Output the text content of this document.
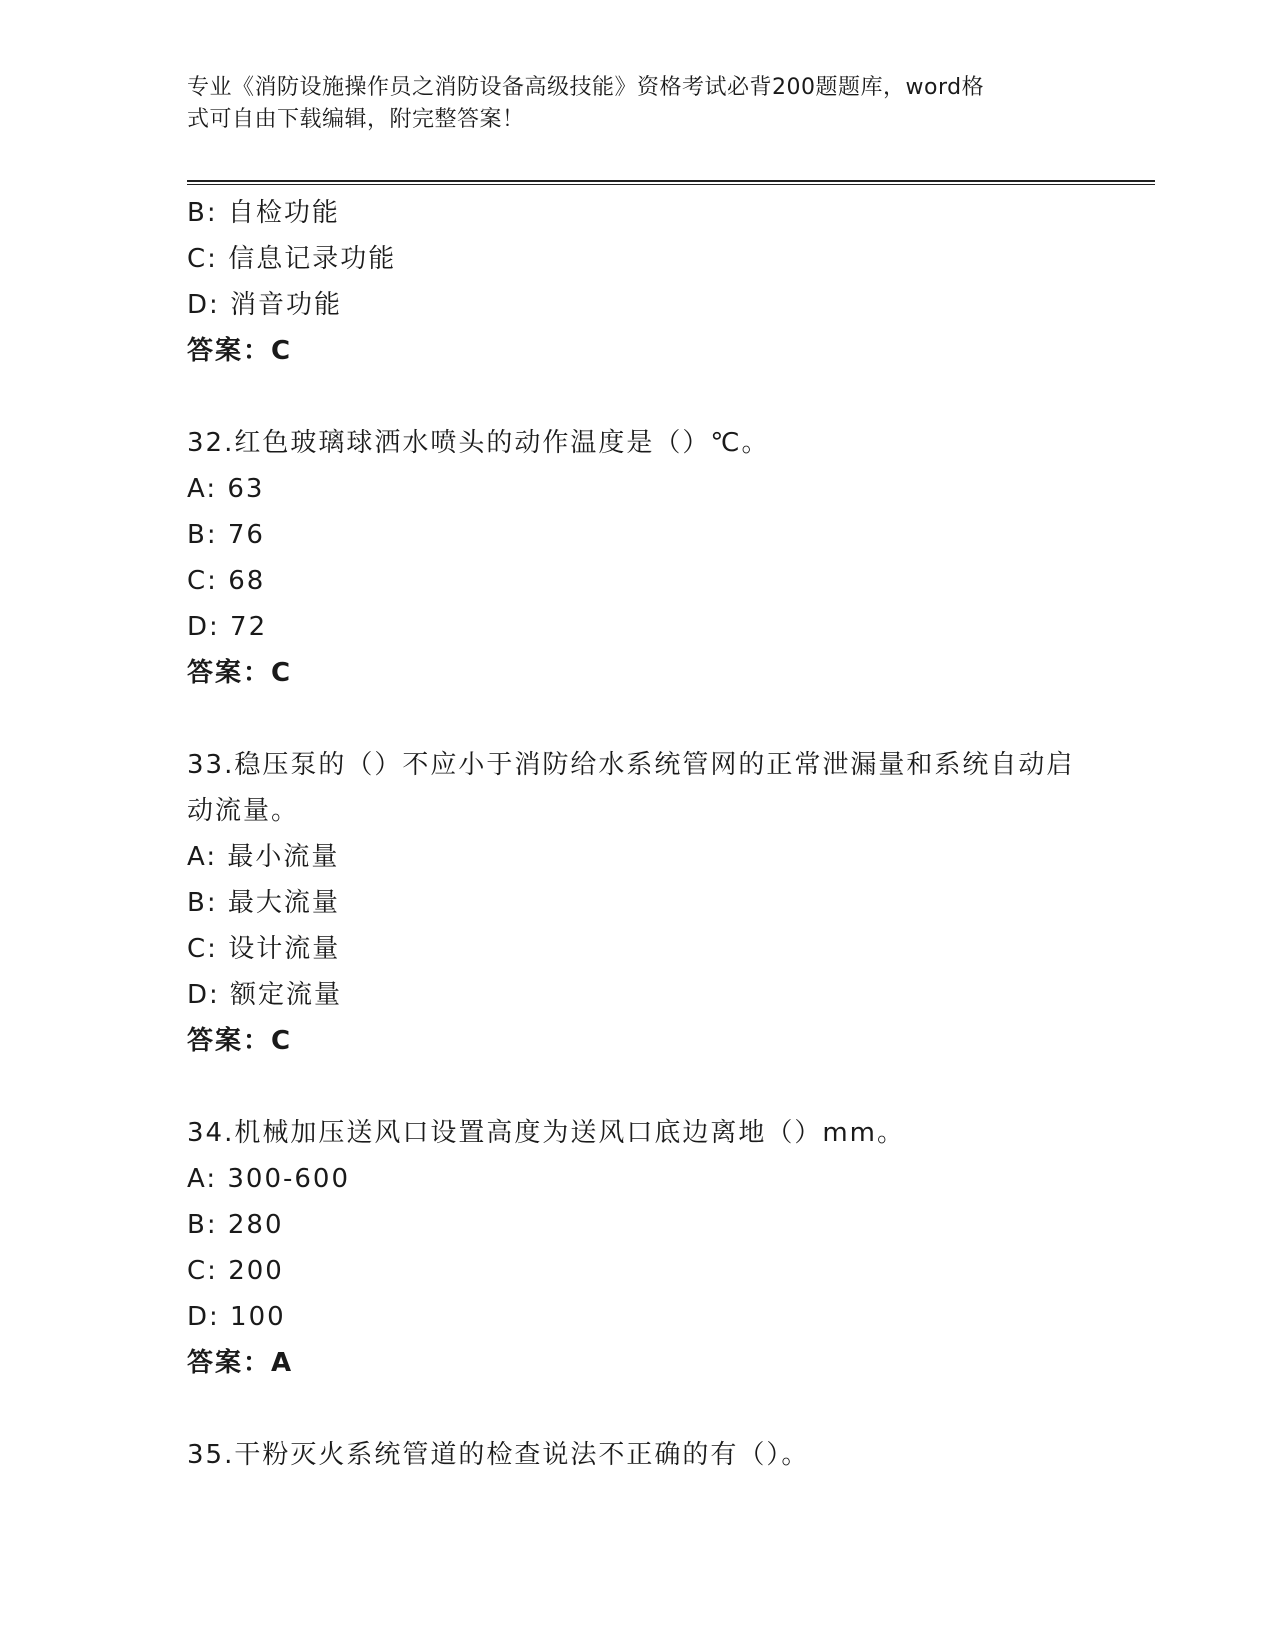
专业《消防设施操作员之消防设备高级技能》资格考试必背200题题库，word格
式可自由下载编辑，附完整答案！
B: 自检功能
C: 信息记录功能
D: 消音功能
答案：C
32.红色玻璃球洒水喷头的动作温度是（）℃。
A: 63
B: 76
C: 68
D: 72
答案：C
33.稳压泵的（）不应小于消防给水系统管网的正常泄漏量和系统自动启动流量。
A: 最小流量
B: 最大流量
C: 设计流量
D: 额定流量
答案：C
34.机械加压送风口设置高度为送风口底边离地（）mm。
A: 300-600
B: 280
C: 200
D: 100
答案：A
35.干粉灭火系统管道的检查说法不正确的有（）。
